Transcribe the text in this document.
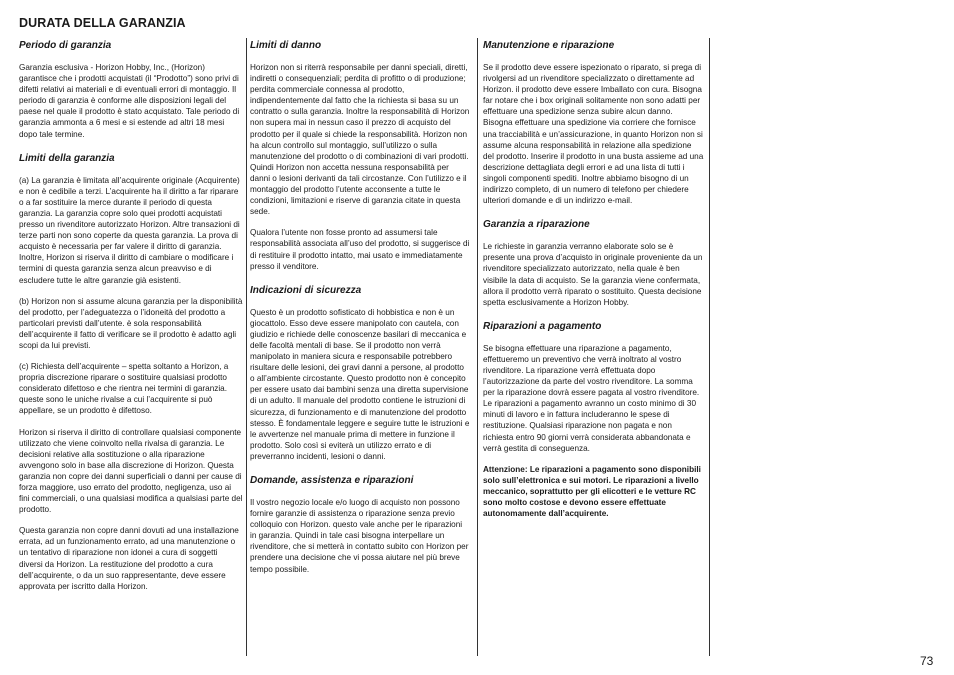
DURATA DELLA GARANZIA
Periodo di garanzia

Garanzia esclusiva - Horizon Hobby, Inc., (Horizon) garantisce che i prodotti acquistati (il “Prodotto”) sono privi di difetti relativi ai materiali e di eventuali errori di montaggio. Il periodo di garanzia è conforme alle disposizioni legali del paese nel quale il prodotto è stato acquistato. Tale periodo di garanzia ammonta a 6 mesi e si estende ad altri 18 mesi dopo tale termine.

Limiti della garanzia

(a) La garanzia è limitata all’acquirente originale (Acquirente) e non è cedibile a terzi. L’acquirente ha il diritto a far riparare o a far sostituire la merce durante il periodo di questa garanzia. La garanzia copre solo quei prodotti acquistati presso un rivenditore autorizzato Horizon. Altre transazioni di terze parti non sono coperte da questa garanzia. La prova di acquisto è necessaria per far valere il diritto di garanzia. Inoltre, Horizon si riserva il diritto di cambiare o modificare i termini di questa garanzia senza alcun preavviso e di escludere tutte le altre garanzie già esistenti.

(b) Horizon non si assume alcuna garanzia per la disponibilità del prodotto, per l’adeguatezza o l’idoneità del prodotto a particolari previsti dall’utente. è sola responsabilità dell’acquirente il fatto di verificare se il prodotto è adatto agli scopi da lui previsti.

(c) Richiesta dell’acquirente – spetta soltanto a Horizon, a propria discrezione riparare o sostituire qualsiasi prodotto considerato difettoso e che rientra nei termini di garanzia. queste sono le uniche rivalse a cui l’acquirente si può appellare, se un prodotto è difettoso.

Horizon si riserva il diritto di controllare qualsiasi componente utilizzato che viene coinvolto nella rivalsa di garanzia. Le decisioni relative alla sostituzione o alla riparazione avvengono solo in base alla discrezione di Horizon. Questa garanzia non copre dei danni superficiali o danni per cause di forza maggiore, uso errato del prodotto, negligenza, uso ai fini commerciali, o una qualsiasi modifica a qualsiasi parte del prodotto.

Questa garanzia non copre danni dovuti ad una installazione errata, ad un funzionamento errato, ad una manutenzione o un tentativo di riparazione non idonei a cura di soggetti diversi da Horizon. La restituzione del prodotto a cura dell’acquirente, o da un suo rappresentante, deve essere approvata per iscritto dalla Horizon.

Limiti di danno

Horizon non si riterrà responsabile per danni speciali, diretti, indiretti o consequenziali; perdita di profitto o di produzione; perdita commerciale connessa al prodotto, indipendentemente dal fatto che la richiesta si basa su un contratto o sulla garanzia. Inoltre la responsabilità di Horizon non supera mai in nessun caso il prezzo di acquisto del prodotto per il quale si chiede la responsabilità. Horizon non ha alcun controllo sul montaggio, sull’utilizzo o sulla manutenzione del prodotto o di combinazioni di vari prodotti. Quindi Horizon non accetta nessuna responsabilità per danni o lesioni derivanti da tali circostanze. Con l’utilizzo e il montaggio del prodotto l’utente acconsente a tutte le condizioni, limitazioni e riserve di garanzia citate in questa sede.

Qualora l’utente non fosse pronto ad assumersi tale responsabilità associata all’uso del prodotto, si suggerisce di di restituire il prodotto intatto, mai usato e immediatamente presso il venditore.

Indicazioni di sicurezza

Questo è un prodotto sofisticato di hobbistica e non è un giocattolo. Esso deve essere manipolato con cautela, con giudizio e richiede delle conoscenze basilari di meccanica e delle facoltà mentali di base. Se il prodotto non verrà manipolato in maniera sicura e responsabile potrebbero risultare delle lesioni, dei gravi danni a persone, al prodotto o all’ambiente circostante. Questo prodotto non è concepito per essere usato dai bambini senza una diretta supervisione di un adulto. Il manuale del prodotto contiene le istruzioni di sicurezza, di funzionamento e di manutenzione del prodotto stesso. È fondamentale leggere e seguire tutte le istruzioni e le avvertenze nel manuale prima di mettere in funzione il prodotto. Solo così si eviterà un utilizzo errato e di preverranno incidenti, lesioni o danni.

Domande, assistenza e riparazioni

Il vostro negozio locale e/o luogo di acquisto non possono fornire garanzie di assistenza o riparazione senza previo colloquio con Horizon. questo vale anche per le riparazioni in garanzia. Quindi in tale casi bisogna interpellare un rivenditore, che si metterà in contatto subito con Horizon per prendere una decisione che vi possa aiutare nel più breve tempo possibile.

Manutenzione e riparazione

Se il prodotto deve essere ispezionato o riparato, si prega di rivolgersi ad un rivenditore specializzato o direttamente ad Horizon. il prodotto deve essere Imballato con cura. Bisogna far notare che i box originali solitamente non sono adatti per effettuare una spedizione senza subire alcun danno. Bisogna effettuare una spedizione via corriere che fornisce una tracciabilità e un’assicurazione, in quanto Horizon non si assume alcuna responsabilità in relazione alla spedizione del prodotto. Inserire il prodotto in una busta assieme ad una descrizione dettagliata degli errori e ad una lista di tutti i singoli componenti spediti. Inoltre abbiamo bisogno di un indirizzo completo, di un numero di telefono per chiedere ulteriori domande e di un indirizzo e-mail.

Garanzia a riparazione

Le richieste in garanzia verranno elaborate solo se è presente una prova d’acquisto in originale proveniente da un rivenditore specializzato autorizzato, nella quale è ben visibile la data di acquisto. Se la garanzia viene confermata, allora il prodotto verrà riparato o sostituito. Questa decisione spetta esclusivamente a Horizon Hobby.

Riparazioni a pagamento

Se bisogna effettuare una riparazione a pagamento, effettueremo un preventivo che verrà inoltrato al vostro rivenditore. La riparazione verrà effettuata dopo l’autorizzazione da parte del vostro rivenditore. La somma per la riparazione dovrà essere pagata al vostro rivenditore. Le riparazioni a pagamento avranno un costo minimo di 30 minuti di lavoro e in fattura includeranno le spese di restituzione. Qualsiasi riparazione non pagata e non richiesta entro 90 giorni verrà considerata abbandonata e verrà gestita di conseguenza.

Attenzione: Le riparazioni a pagamento sono disponibili solo sull’elettronica e sui motori. Le riparazioni a livello meccanico, soprattutto per gli elicotteri e le vetture RC sono molto costose e devono essere effettuate autonomamente dall’acquirente.

73
